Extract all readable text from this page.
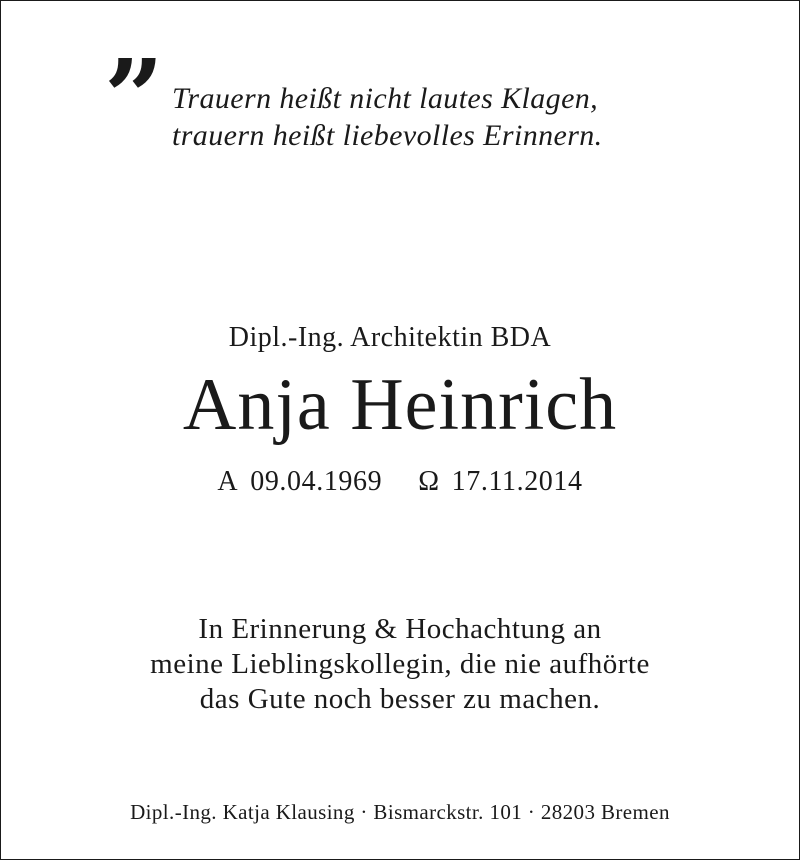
” Trauern heißt nicht lautes Klagen,
trauern heißt liebevolles Erinnern.
Dipl.-Ing. Architektin BDA
Anja Heinrich
A 09.04.1969 Ω 17.11.2014
In Erinnerung & Hochachtung an
meine Lieblingskollegin, die nie aufhörte
das Gute noch besser zu machen.
Dipl.-Ing. Katja Klausing · Bismarckstr. 101 · 28203 Bremen
